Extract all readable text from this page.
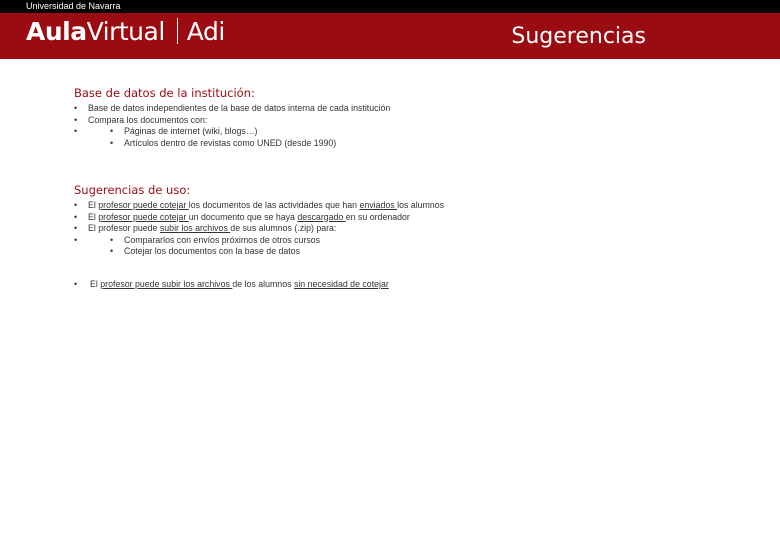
Universidad de Navarra
AulaVirtual Adi	Sugerencias

Base de datos de la institución:

• Base de datos independientes de la base de datos interna de cada institución
• Compara los documentos con:
• • Páginas de internet (wiki, blogs…)
• Artículos dentro de revistas como UNED (desde 1990)

Sugerencias de uso:

• El profesor puede cotejar los documentos de las actividades que han enviados los alumnos
• El profesor puede cotejar un documento que se haya descargado en su ordenador
• El profesor puede subir los archivos de sus alumnos (.zip) para:
• • Compararlos con envíos próximos de otros cursos
• Cotejar los documentos con la base de datos
• El profesor puede subir los archivos de los alumnos sin necesidad de cotejar
